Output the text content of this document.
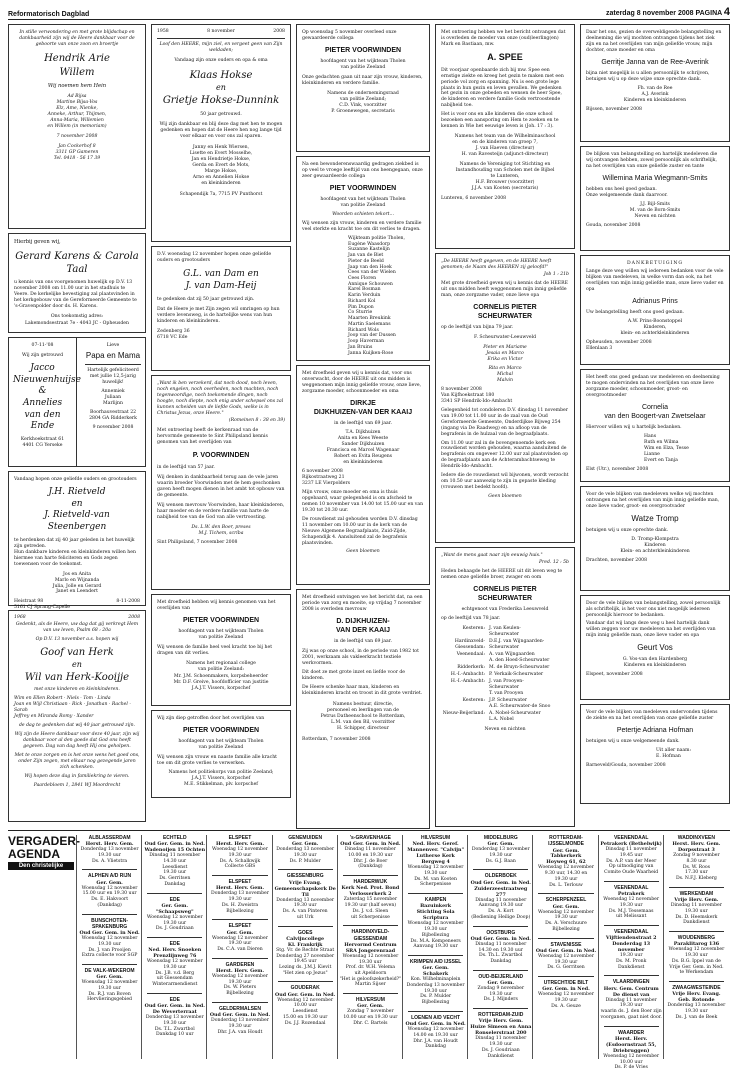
Reformatorisch Dagblad	zaterdag 8 november 2008 PAGINA 4

In stille verwondering en met grote blijdschap en dankbaarheid zijn wij de Heere dankbaar voor de geboorte van onze zoon en broertje

Hendrik Arie

Willem

Wij noemen hem Hein

Ad Bijsa
Martine Bijsa-Vos
Elz, Ame, Nienke,
Anneke, Arthur, Thijmen,
Anna-Maria, Willemien
en Willem (in memoriam)

7 november 2008

Jan Cockerhof 8
3311 GP Gameren
Tel. 0418 - 56 17 39

Hierbij geven wij,

Gerard Karens & Carola Taal

u kennis van ons voorgenomen huwelijk op D.V. 13 november 2008 om 11.00 uur in het stadhuis te Veere. De kerkelijke bevestiging zal plaatsvinden in het kerkgebouw van de Gereformeerde Gemeente te 's-Gravenpolder door ds. H. Karens.

Ons toekomstig adres:

Lakemondsestraat 7e - 4043 JC - Opheusden

07-11-'08

Wij zijn getrouwd

Jacco
Nieuwenhuijse
&
Annelies
van den Ende

Kerkhoekstraat 61
4401 CG Yerseke

Lieve

Papa en Mama

Hartelijk gefeliciteerd met jullie 12,5-jarig huwelijk!

Annemiek
Juliaan
Marlijnn

Boorhauvestraat 22
2804 GA Ridderkerk

9 november 2008

Vandaag hopen onze geliefde ouders en grootouders

J.H. Rietveld
en
J. Rietveld-van Steenbergen

te herdenken dat zij 40 jaar geleden in het huwelijk zijn getreden.
Hun dankbare kinderen en kleinkinderen willen hen hiermee van harte feliciteren en Gods zegen toewensen voor de toekomst.

Jos en Anita
Marlo en Wijnanda
Julia, Jolle en Gerard
Janet en Leendert

Heistraat 98
5161 CJ Sprang-Capelle
8-11-2008
1968	2008

Gedenkt, als de Heere, uw dag dat gij verkregt Hem van uw leven, Psalm 68 : 20a

Op D.V. 13 november a.s. hopen wij

Goof van Herk

en

Wil van Herk-Kooijje

met onze kinderen en kleinkinderen.

Wim en Ellen Robert · Niels · Tom · Linda
Joan en Wijl Christiaan · Rick · Jonathan · Rachel · Sarah
Jeffrey en Miranda Romy · Xander

de dag te gedenken dat wij 40 jaar getrouwd zijn.

Wij zijn de Heere dankbaar voor deze 40 jaar, zijn wij dankbaar voor al den goede dat God ons heeft gegeven. Dag van dag heeft Hij ons geholpen.

Met te onze zorgen en is het onze wens het goed ons, onder Zijn zegen, met elkaar nog gezegende jaren zich schenken.

Wij hopen deze dag in familiekring te vieren.

Paardebloem 1, 2841 WJ Moordrecht

1958	8 november	2008

Loof den HEERE, mijn ziel, en vergeet geen van Zijn weldaden;

Vandaag zijn onze ouders en opa & oma

Klaas Hokse

en

Grietje Hokse-Dunnink

50 jaar getrouwd.

Wij zijn dankbaar en blij deze dag met hen te mogen gedenken en hopen dat de Heere hen nog lange tijd voor elkaar en voor ons zal sparen.

Janny en Henk Wiersen,
Lisette en Evert Mosselhe,
Jan en Hendrietje Hokse,
Gerda en Evert de Mots,
Marge Hokse,
Arno en Annelien Hokse
en kleinkinderen

Schapendijk 7a, 7715 PV Punthorst

D.V. woensdag 12 november hopen onze geliefde ouders en grootouders

G.L. van Dam en
J. van Dam-Heij

te gedenken dat zij 50 jaar getrouwd zijn.

Dat de Heere je met Zijn zegen wil omringen op hun verdere levensweg, is de hartelijke wens van hun kinderen en kleinkinderen.

Zedenberg 36
6718 VC Ede

„Want ik ben verzekerd, dat noch dood, noch leven, noch engelen, noch overheden, noch machten, noch tegenwoordige, noch toekomende dingen, noch hoogte, noch diepte, noch enig ander schepsel ons zal kunnen scheiden van de liefde Gods, welke is in Christus Jezus, onze Heere."

(Romeinen 8 : 38 en 39)

Met ontroering heeft de kerkenraad van de hervormde gemeente te Sint Philipsland kennis genomen van het overlijden van

P. VOORWINDEN

in de leeftijd van 57 jaar.

Wij denken in dankbaarheid terug aan de vele jaren waarin broeder Voorwinden met de hem geschonken gaven heeft mogen dienen in het ambt tot opbouw van de gemeente.

Wij wensen mevrouw Voorwinden, haar kleinkinderen, haar moeder en de verdere familie van harte de nabijheid toe van de God van alle vertroosting.

Ds. L.W. den Boer, preses
M.J. Tichem, scriba

Sint Philipsland, 7 november 2008

Met droefheid hebben wij kennis genomen van het overlijden van

PIETER VOORWINDEN

hoofdagent van het wijkteam Tholen
van politie Zeeland

Wij wensen de familie heel veel kracht toe bij het dragen van dit verlies.

Namens het regionaal college
van politie Zeeland:

Mr. J.M. Schoenmakers, korpsbeheerder
Mr. D.F. Greive, hoofdofficier van justitie
J.A.J.T. Vissers, korpschef

Wij zijn diep getroffen door het overlijden van

PIETER VOORWINDEN

hoofdagent van het wijkteam Tholen
van politie Zeeland

Wij wensen zijn vrouw en naaste familie alle kracht toe om dit grote verlies te verwerken.

Namens het politiekorps van politie Zeeland;
J.A.J.T. Vissers, korpschef
M.E. Stikkelman, plv. korpschef

Op woensdag 5 november overleed onze gewaardeerde collega

PIETER VOORWINDEN

hoofdagent van het wijkteam Tholen
van politie Zeeland

Onze gedachten gaan uit naar zijn vrouw, kinderen, kleinkinderen en verdere familie.

Namens de ondernemingsraad
van politie Zeeland;
C.D. Vink, voorzitter
P. Groenewegen, secretaris

Na een bewonderenswaardig gedragen ziekbed is op veel te vroege leeftijd van ons heengegaan, onze zeer gewaardeerde collega

PIET VOORWINDEN

hoofdagent van het wijkteam Tholen
van politie Zeeland

Woorden schieten tekort...

Wij wensen zijn vrouw, kinderen en verdere familie veel sterkte en kracht toe om dit verlies te dragen.

Wijkteam politie Tholen,
Eugène Waasdorp
Suzanne Kastelijn
Jan van de Biet
Pieter de Beeld
Jaap van den Hoek
Cees van der Wielen
Cees Floren
Annique Schouwen
Karel Bosman
Karin Verduin
Richard Kol
Pim Dupon
Co Sturrie
Maarten Breukink
Martin Saelemans
Richard Wols
Joop van der Dussen
Joop Haverman
Jan Bruins
Janna Kuijken-Rose

Met droefheid geven wij u kennis dat, voor ons onverwacht, door de HEERE uit ons midden is weggenomen mijn innig geliefde vrouw, onze lieve, zorgzame moeder, schoonmoeder en oma

DIRKJE
DIJKHUIZEN-VAN DER KAAIJ

in de leeftijd van 69 jaar.

T.A. Dijkhuizen
Anita en Kees Weeste
Sander Dijkhuizen
Francisca en Marcel Wagenaar
Robert en Evita Reugens
en kleinkinderen

6 november 2008
Rijkostraatweg 21
3237 LE Vierpolders

Mijn vrouw, onze moeder en oma is thuis opgebaard, waar gelegenheid is om afscheid te nemen 10 november van 14.00 tot 15.00 uur en van 19.30 tot 20.30 uur.

De rouwdienst zal gehouden worden D.V. dinsdag 11 november om 10.00 uur in de kerk van de Nieuwe Algemene Begraafplaats, Zuid-Zijde, Schapendijk 4. Aansluitend zal de begrafenis plaatsvinden.

Geen bloemen

Met droefheid ontvingen we het bericht dat, na een periode van zorg en moeite, op vrijdag 7 november 2008 is overleden mevrouw

D. DIJKHUIZEN-
VAN DER KAAIJ

in de leeftijd van 69 jaar.

Zij was op onze school, in de periode van 1982 tot 2001, werkzaam als vakleerkracht textiele werkvormen.

Dit doet ze met grote inzet en liefde voor de kinderen.

De Heere schenke haar man, kinderen en kleinkinderen kracht en troost in dit grote verdriet.

Namens bestuur, directie,
personeel en leerlingen van de
Petrus Datheenschool te Rotterdam,
L.M. van den Bil, voorzitter
H. Schipper, directeur

Rotterdam, 7 november 2008

Met ontroering hebben we het bericht ontvangen dat is overleden de moeder van onze (oud)leerling(en) Mark en Bastiaan, mw.

A. SPEE

Dit voorjaar openbaarde zich bij mw. Spee een ernstige ziekte en kreeg het gezin te maken met een periode vol zorg en spanning. Nu is een grote lege plaats in hun gezin en leven gevallen. We gedenken het gezin in onze gebeden en wensen de heer Spee, de kinderen en verdere familie Gods vertroostende nabijheid toe.

Het is voor ons en alle kinderen die onze school bezoeken een aansporing om Hem te zoeken en te kennen in Wie het eeuwige leven is (Joh. 17 : 3).

Namens het team van de Wilhelminaschool
en de kinderen van groep 7,
J. van Haeven (directeur)
H. van Ravesteijn (adjunct-directeur)

Namens de Vereniging tot Stichting en
Instandhouding van Scholen met de Bijbel
te Lunteren,
H.F. Brouwer (voorzitter)
J.J.A. van Kooten (secretaris)

Lunteren, 6 november 2008

„De HEERE heeft gegeven, en de HEERE heeft genomen; de Naam des HEEREN zij geloofd!"

Job 1 : 21b

Met grote droefheid geven wij u kennis dat de HEERE uit ons midden heeft weggenomen mijn innig geliefde man, onze zorgzame vader, onze lieve opa

CORNELIS PIETER
SCHEURWATER

op de leeftijd van bijna 79 jaar.

F. Scheurwater-Leeuwveld

Pieter en Mariame
Jesaia en Marco
Erika en Victor

Rita en Marco
Michal
Malvin

8 november 2008
Van Kijfhoekstraat 180
3341 SP Hendrik-Ido-Ambacht

Gelegenheid tot condoleren D.V. dinsdag 11 november van 19.00 tot 11.00 uur in de zaal van de Oud Gereformeerde Gemeente, Onderdijkse Bijweg 254 (ingang via De Raadweg) en na afloop van de begrafenis in de hulzaal van de begraafplaats.

Om 11.00 uur zal in de bovengenoemde kerk een rouwdienst worden gehouden, waarna aansluitend de begrafenis om ongeveer 12.00 uur zal plaatsvinden op de begraafplaats aan de Achterambachtseweg te Hendrik-Ido-Ambacht.

Iedere die de rouwdienst wil bijwonen, wordt verzocht om 10.50 uur aanwezig te zijn in gepaste kleding (vrouwen met bedekt hoofd).

Geen bloemen

„Want de mens gaat naar zijn eeuwig huis."

Pred. 12 : 5b

Heden behaagde het de HEERE uit dit leven weg te nemen onze geliefde broer, zwager en oom

CORNELIS PIETER
SCHEURWATER

echtgenoot van Frederika Leeuwveld

op de leeftijd van 78 jaar.

Kesteren: J. van Keulen-
Scheurwater
Hardinxveld-
Giessendam:
D.E.J. van Wijngaarden-
Scheurwater
Veenendaal: A. van Wijngaarden
A. den Hoed-Scheurwater
Ridderkerk: M. de Bruyn-Scheurwater
H.-I.-Ambacht: P. Verkaik-Scheurwater
H.-I.-Ambacht: J. van Prooyen-
Scheurwater
T. van Prooyen
Kesteren: J.P. Scheurwater
A.E. Scheurwater-de Snoo
Nieuw-Beijerland: A. Nobel-Scheurwater
L.A. Nobel

Neven en nichten

Daar het ons, gezien de overweldigende belangstelling en deelneming die wij mochten ontvangen tijdens het ziek zijn en na het overlijden van mijn geliefde vrouw, mijn dochter, onze moeder en oma

Gerritje Janna van de Ree-Averink

bijna niet mogelijk is u allen persoonlijk te schrijven, betuigen wij u op deze wijze onze oprechte dank.

Fh. van de Ree
A.J. Averink
Kinderen en kleinkinderen

Bijssen, november 2008

De blijken van belangstelling en hartelijk medeleven die wij ontvangen hebben, zowel persoonlijk als schriftelijk, na het overlijden van onze geliefde zuster en tante

Willemina Maria Wiegmann-Smits

hebben ons heel goed gedaan.
Onze welgemeende dank daarvoor.

J.J. Bijl-Smits
M. van de Born-Smits
Neven en nichten

Gouda, november 2008

DANKBETUIGING

Lange deze weg willen wij iedereen bedanken voor de vele blijken van medeleven, in welke vorm dan ook, na het overlijden van mijn innig geliefde man, onze lieve vader en opa

Adrianus Prins

Uw belangstelling heeft ons goed gedaan.

A.W. Prins-Boonstoppel
Kinderen,
klein- en achterkleinkinderen

Opheusden, november 2008
Ellenlaan 3

Het heeft ons goed gedaan uw medeleven en deelneming te mogen ondervinden na het overlijden van onze lieve zorgzame moeder, schoonmoeder, groot- en overgrootmoeder

Cornelia
van den Boogert-van Zwetselaar

Hiervoor willen wij u hartelijk bedanken.

Hans
Ruth en Wilma
Wim en Elza, Tesse
Lianne
Evert en Tanja

Elst (Utr.), november 2008

Voor de vele blijken van medeleven welke wij mochten ontvangen na het overlijden van mijn innig geliefde man, onze lieve vader, groot- en overgrootvader

Watze Tromp

betuigen wij u onze oprechte dank.

D. Tromp-Klompstra
Kinderen
Klein- en achterkleinkinderen

Drachten, november 2008

Door de vele blijken van belangstelling, zowel persoonlijk als schriftelijk, is het voor ons niet mogelijk iedereen persoonlijk hiervoor te bedanken.

Vandaar dat wij langs deze weg u heel hartelijk dank willen zeggen voor uw medeleven na het overlijden van mijn innig geliefde man, onze lieve vader en opa

Geurt Vos

G. Vos-van den Hardenberg
Kinderen en kleinkinderen

Elspeet, november 2008

Voor de vele blijken van medeleven ondervonden tijdens de ziekte en na het overlijden van onze geliefde zuster

Petertje Adriana Hofman

betuigen wij u onze welgemeende dank.

Uit aller naam:
E. Hofman

Barneveld/Gouda, november 2008

VERGADER-
AGENDA
Den christelijke
ALBLASSERDAM
Herst. Herv. Gem.
Donderdag 13 november
19.30 uur
Ds. A. Vlietstra
ALPHEN A/D RIJN
Ger. Gem.
Woensdag 12 november
15.00 uur en 19.30 uur
Ds. E. Hakvoort
(Dankdag)
BUNSCHOTEN-SPAKENBURG
Oud Ger. Gem. in Ned.
Woensdag 12 november
19.30 uur
Ds. J. van Prooijen
Extra collecte voor SGP
DE VALK-WEKEROM
Ger. Gem.
Woensdag 12 november
19.30 uur
Ds. R.J. van Boven
Hervlieringsgebied
ECHTELD
Oud Ger. Gem. in Ned.
Wadenoijen 15 Ochten
Dinsdag 11 november
14.30 uur
Leesdienst
19.30 uur
Ds. Gerritsen
Dankdag
EDE
Ger. Gem.
"Schaapsweg"
Woensdag 12 november
19.30 uur
Ds. J. Goudriaan
EDE
Ned. Herv. Snoeken
Prenzlijnweg 76
Woensdag 12 november
19.30 uur
Ds. J.B. v.d. Berg
uit Giessendam
Winterarmendienst
EDE
Oud Ger. Gem. in Ned.
De Weverterraat
Donderdag 13 november
19.30 uur
Ds. T.L. Zwartbol
Dankdag 10 uur
ELSPEET
Herst. Herv. Gem.
Woensdag 12 november
19.30 uur
Ds. A. Schalkwijk
Collecte GBS
ELSPEET
Herst. Herv. Gem.
Donderdag 13 november
19.30 uur
Ds. H. Zweistra
Bijbellezing
ELSPEET
Ger. Gem.
Woensdag 12 november
19.30 uur
Ds. C.A. van Dieren
GARDEREN
Herst. Herv. Gem.
Woensdag 12 november
19.30 uur
Ds. W. Pieters
Bijbellezing
GELDERMALSEN
Oud Ger. Gem. in Ned.
Donderdag 13 november
19.30 uur
Dhr. J.A. van Houdt
GENEMUIDEN
Ger. Gem.
Donderdag 13 november
19.30 uur
Ds. P. Mulder
GIESSENBURG
Vrije Evang.
Gemeenschapskerk De Til
Donderdag 13 november
19.30 uur
Ds. A. van Pinteren
uit Urk
GOES
Calvijncollege
Kl. Frankrijk
Stg. Vr. de Rechte Straat
Donderdag 27 november
19.45 uur
Lezing ds. J.M.J. Kievit
"Het zien op Jezus"
GOUDERAK
Oud Ger. Gem. in Ned.
Woensdag 12 november
10.00 uur
Leesdienst
15.00 en 19.30 uur
Ds. J.J. Rozendaal
's-GRAVENHAGE
Oud Ger. Gem. in Ned.
Dinsdag 11 november
10.00 en 19.30 uur
Dhr. J. de Boer
(Dankdag)
HARDERWIJK
Kerk Ned. Prot. Bond
Verlosserkerk 2
Zaterdag 15 november
19.30 uur (half seven)
Ds. J. v.d. Sleen
uit Scherpenisse
HARDINXVELD-GIESSENDAM
Hervormd Centrum
SRA Jongerenraad
Woensdag 12 november
19.30 uur
Prof. dr. W.H. Velema
uit Apeldoorn
"Het is geloofszekerheid?"
Martin Sijser
HILVERSUM
Ger. Gem.
Zondag 7 november
10.00 uur en 19.30 uur
Dhr. C. Bartels
HILVERSUM
Ned. Herv. Geref.
Mannenver. "Calvijn"
Lutherse Kerk
Bergweg 4
Woensdag 12 november
19.30 uur
Ds. M. van Kooten
Scherpenisse
KAMPEN
Bazuinkerk
Stichting Sola Scriptura
Woensdag 12 november
19.30 uur
Bijbellezing
Ds. M.A. Kempeneers
Aanvang 19.30 uur
KRIMPEN A/D IJSSEL
Ger. Gem.
Schakerk
Kon. Wilhelminaplein
Donderdag 13 november
19.30 uur
Ds. P. Mulder
Bijbellezing
LOENEN A/D VECHT
Oud Ger. Gem. in Ned.
Woensdag 12 november
14.00 en 19.30 uur
Dhr. J.A. van Houdt
Dankdag
MIDDELBURG
Ger. Gem.
Donderdag 13 november
19.30 uur
Ds. G.J. Baan
OLDERBOEK
Oud Ger. Gem. in Ned.
Zuiderzeestraatweg 277
Dinsdag 11 november
Aanvang 19.30 uur
Ds. A. Kort
(Bediening Heilige Doop)
OOSTBURG
Oud Ger. Gem. in Ned.
Dinsdag 11 november
14.30 en 19.30 uur
Ds. Th.L. Zwartbol
Dankdag
OUD-BEIJERLAND
Ger. Gem.
Zondag 9 november
19.30 uur
Ds. J. Mijnders
ROTTERDAM-ZUID
Vrije Herv. Gem.
Huize Simeon en Anna
Ronselerstraat 200
Dinsdag 11 november
19.30 uur
Ds. J. Goudriaan
Dankdienst
ROTTERDAM-IJSSELMONDE
Ger. Gem.
Tabkerkerk
Hoyweg 61, 62
Woensdag 12 november
9.30 uur, 14.30 en
19.30 uur
Ds. L. Terlouw
SCHERPENZEEL
Ger. Gem.
Woensdag 12 november
19.30 uur
Ds. A. Verschuure
Bijbellezing
STAVENISSE
Oud Ger. Gem. in Ned.
Woensdag 12 november
19.30 uur
Ds. G. Gerritsen
UTRECHT/DE BILT
Ger. Gem. in Ned.
Woensdag 12 november
19.30 uur
Ds. A. Geuze
VEENENDAAL
Petrakerk (Bethelwijk)
Dinsdag 11 november
19.45 uur
Ds. A.P. van der Meer
Op uitnodiging van
Comite Oude Waarheid
VEENENDAAL
Petrakerk
Woensdag 12 november
19.30 uur
Ds. M.J. Tessemaas
uit Melissant
VEENENDAAL
Vijftiendenstraat 2
Donderdag 13 november
19.30 uur
Ds. M. Pronk
Dankdienst
VLAARDINGEN
Herv. Gem. Centrum
De dienst van
Dinsdag 11 november
19.30 uur
waarin ds. J. den Boer zijn
voorganen, gaat niet door.
WAARDER
Herst. Herv.
(Esdoornstraat 55,
Driebruggen)
Woensdag 12 november
10.00 uur
Ds. P. de Vries
WADDINXVEEN
Herst. Herv. Gem.
Dorpsstraat 3
Zondag 9 november
8.30 uur
Ds. W. Roos
17.30 uur
Ds. N.F.J. Kleberg
WERKENDAM
Vrije Herv. Gem.
Dinsdag 11 november
19.30 uur
Ds. D. Heemskerk
Dankdienst
WOUDENBERG
Paraklitarog 136
Woensdag 12 november
19.30 uur
Ds. B.G. Ippel van de
Vrije Ger. Gem. in Ned.
te Werkendam
ZWAAGWESTEINDE
Vrije Herv. Evang.
Geb. Rotonde
Donderdag 13 november
19.30 uur
Ds. J. van de Beek
